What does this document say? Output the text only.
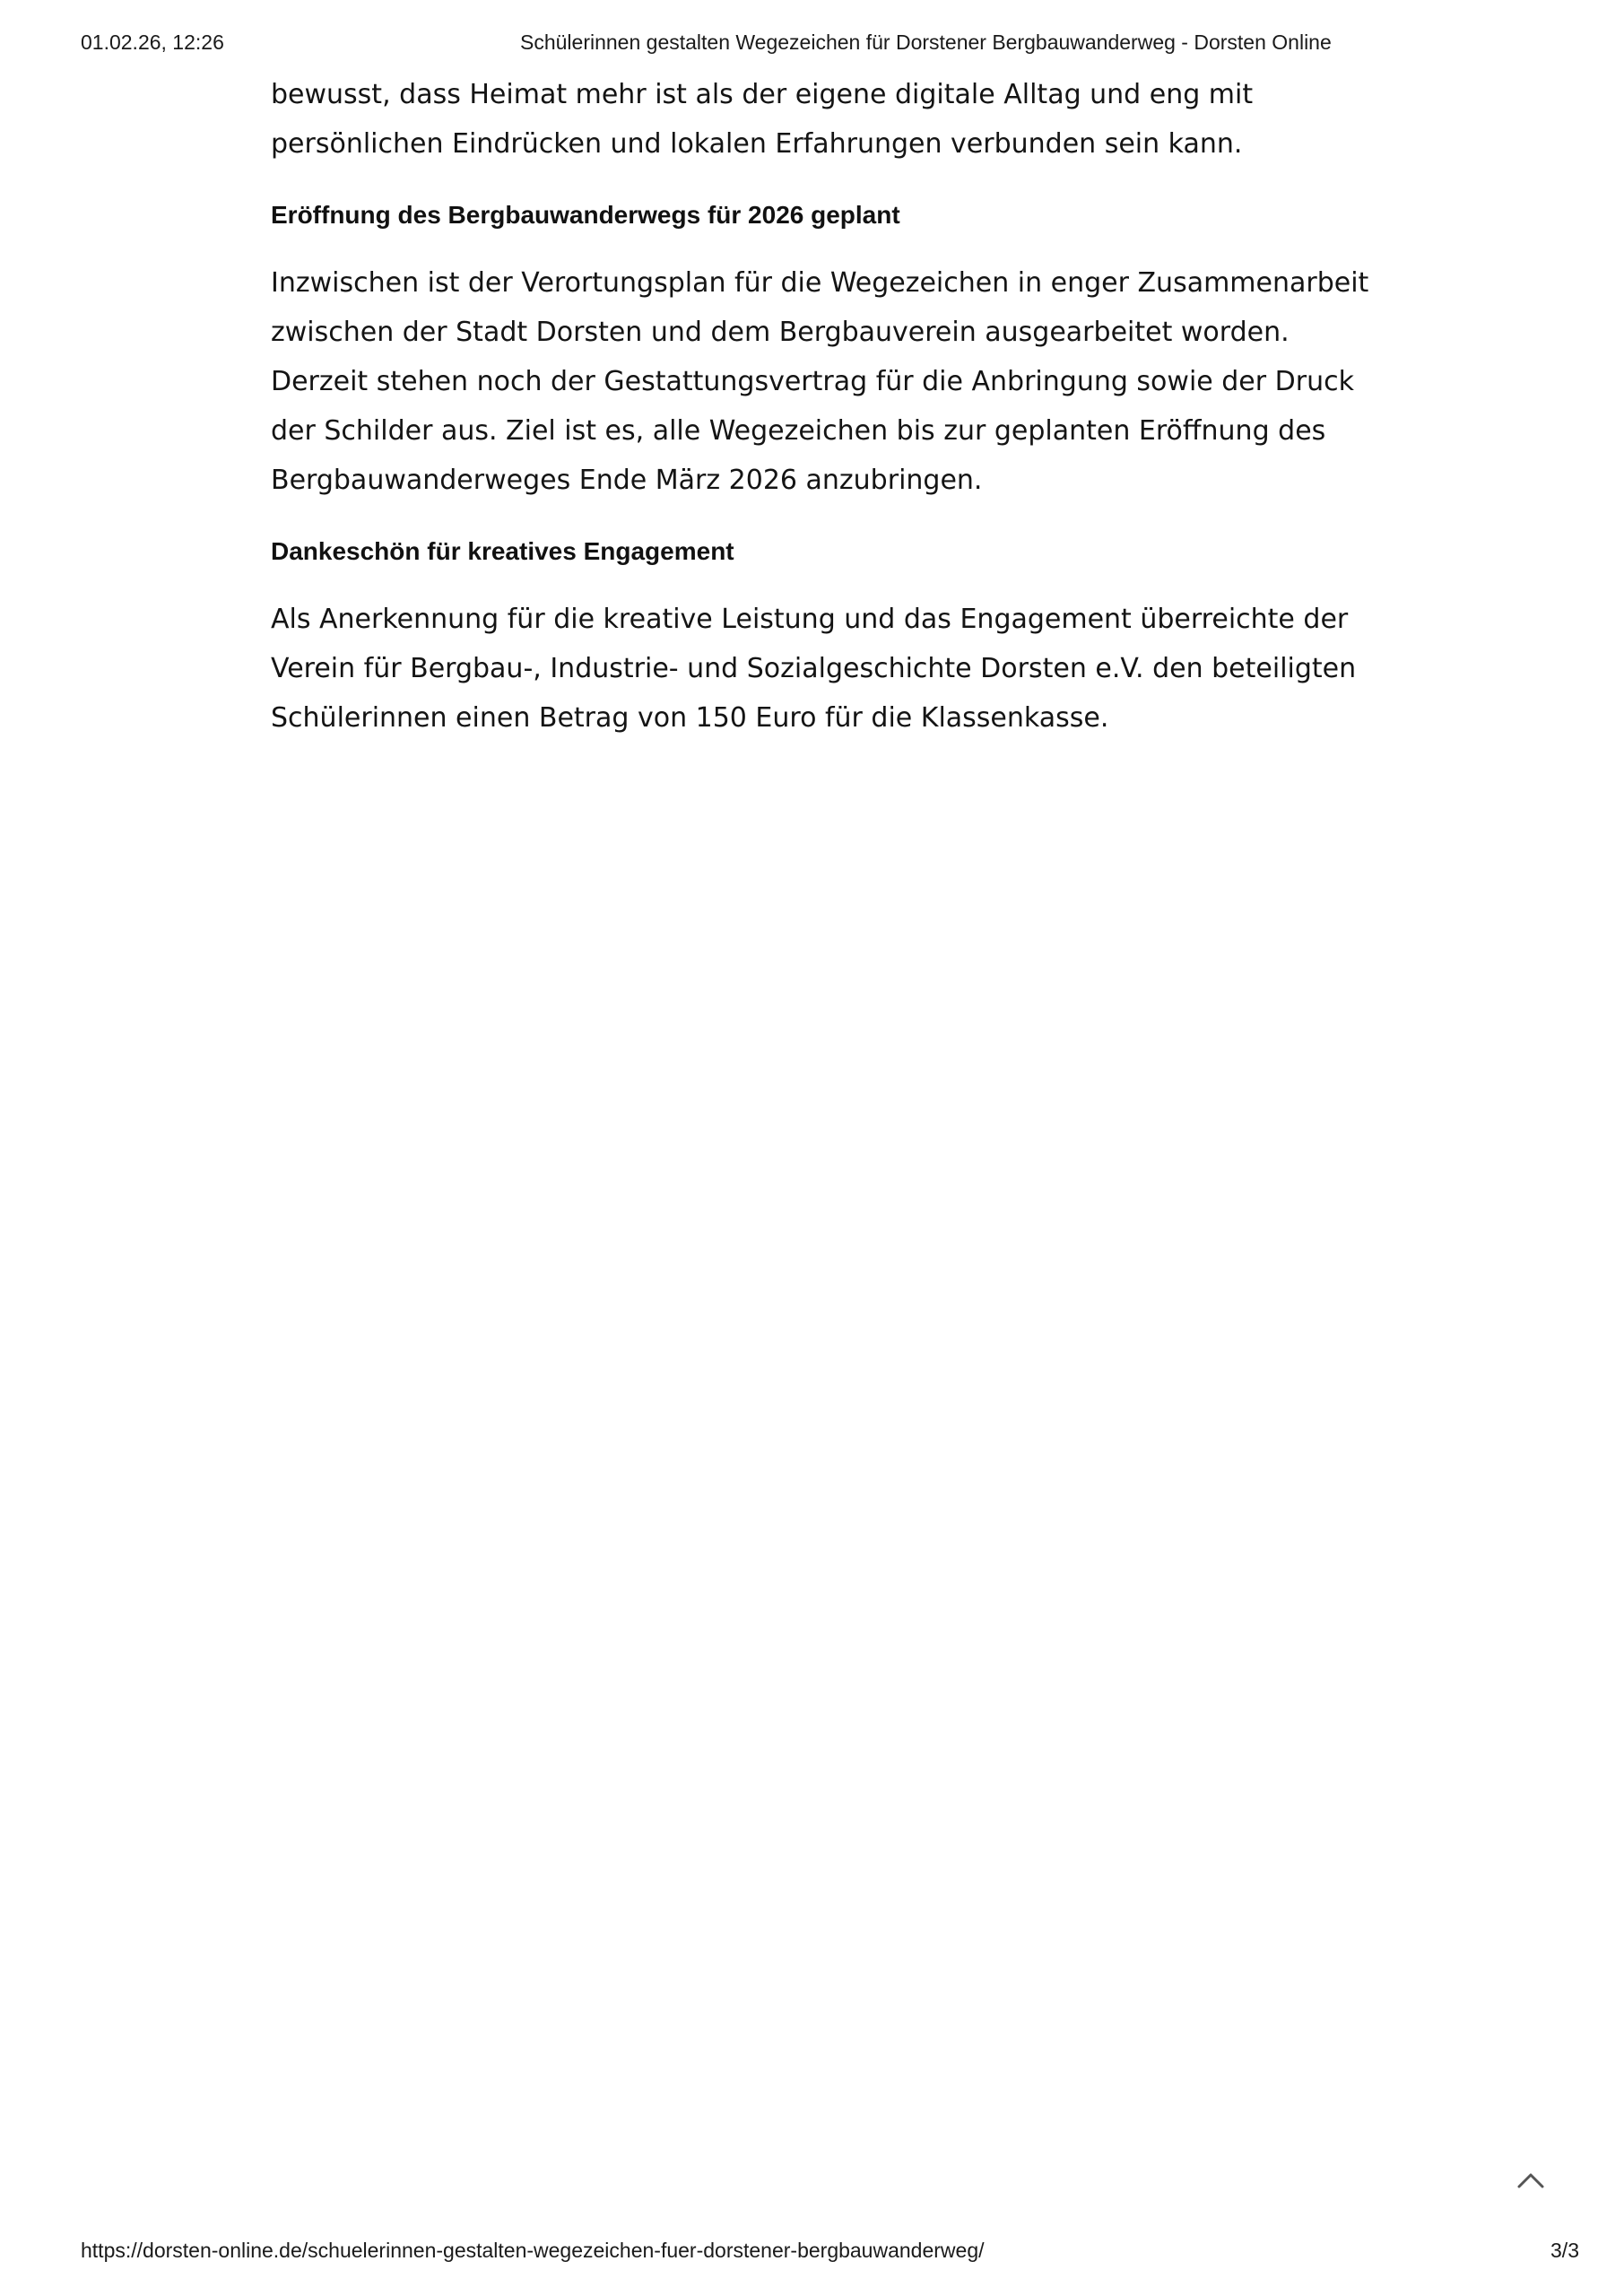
01.02.26, 12:26	Schülerinnen gestalten Wegezeichen für Dorstener Bergbauwanderweg - Dorsten Online

bewusst, dass Heimat mehr ist als der eigene digitale Alltag und eng mit
persönlichen Eindrücken und lokalen Erfahrungen verbunden sein kann.

Eröffnung des Bergbauwanderwegs für 2026 geplant

Inzwischen ist der Verortungsplan für die Wegezeichen in enger Zusammenarbeit
zwischen der Stadt Dorsten und dem Bergbauverein ausgearbeitet worden.
Derzeit stehen noch der Gestattungsvertrag für die Anbringung sowie der Druck
der Schilder aus. Ziel ist es, alle Wegezeichen bis zur geplanten Eröffnung des
Bergbauwanderweges Ende März 2026 anzubringen.

Dankeschön für kreatives Engagement

Als Anerkennung für die kreative Leistung und das Engagement überreichte der
Verein für Bergbau-, Industrie- und Sozialgeschichte Dorsten e.V. den beteiligten
Schülerinnen einen Betrag von 150 Euro für die Klassenkasse.

https://dorsten-online.de/schuelerinnen-gestalten-wegezeichen-fuer-dorstener-bergbauwanderweg/	3/3
